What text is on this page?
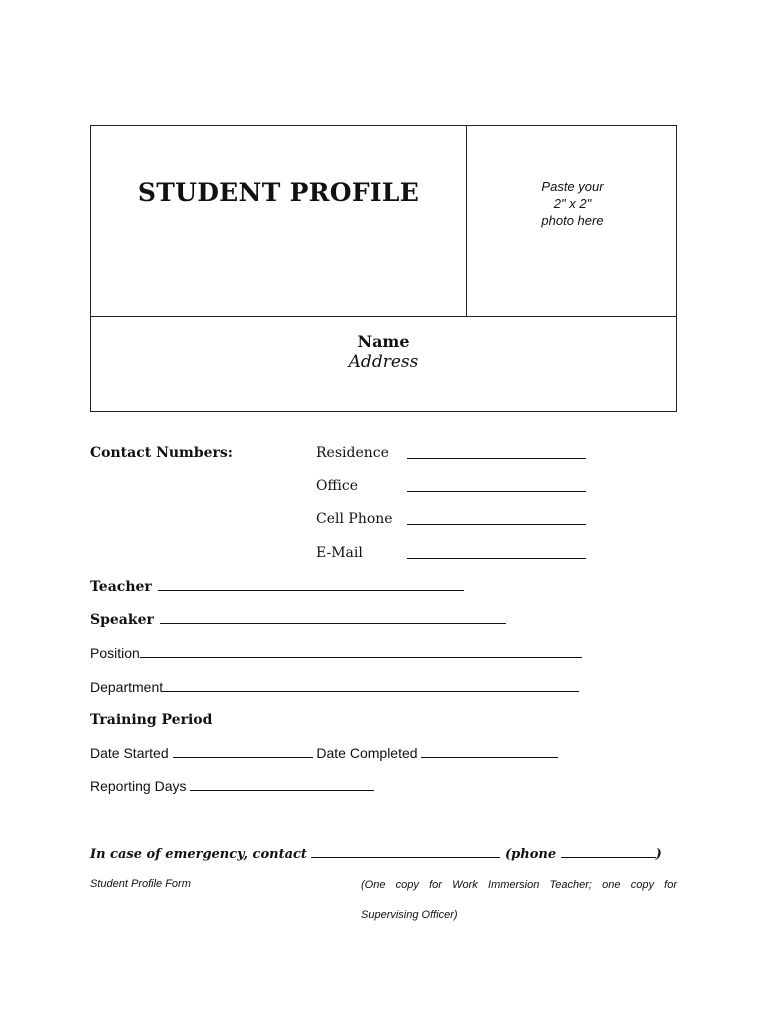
STUDENT PROFILE	Paste your
2" x 2"
photo here
Name
Address
Contact Numbers:	Residence
Office
Cell Phone
E-Mail
Teacher
Speaker
Position
Department
Training Period
Date Started	Date Completed
Reporting Days
In case of emergency, contact	(phone	)
Student Profile Form	(One copy for Work Immersion Teacher; one copy for
Supervising Officer)
